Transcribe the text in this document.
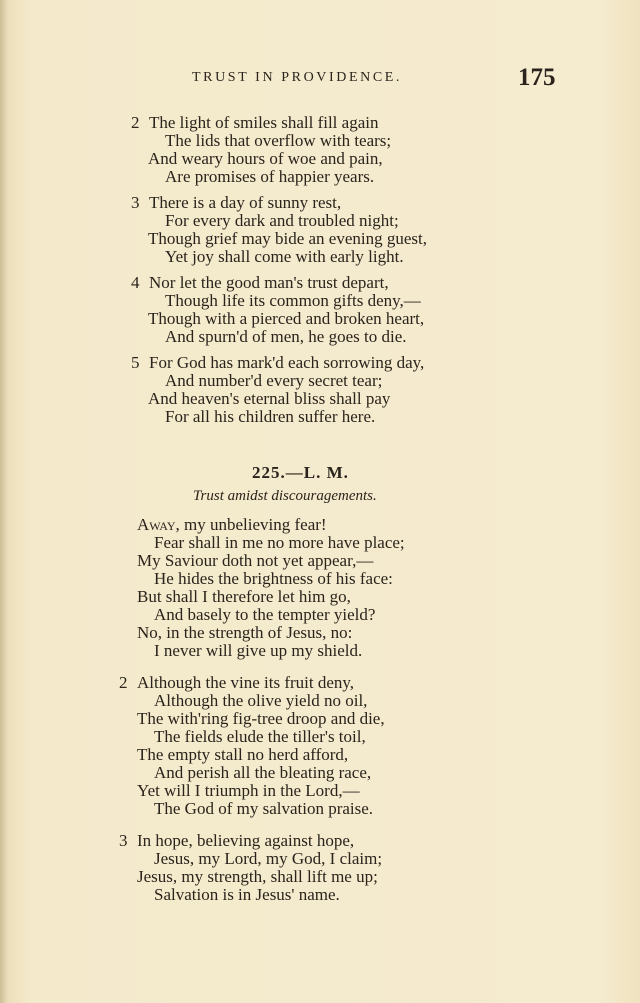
TRUST IN PROVIDENCE.	175
2 The light of smiles shall fill again
The lids that overflow with tears;
And weary hours of woe and pain,
Are promises of happier years.
3 There is a day of sunny rest,
For every dark and troubled night;
Though grief may bide an evening guest,
Yet joy shall come with early light.
4 Nor let the good man's trust depart,
Though life its common gifts deny,—
Though with a pierced and broken heart,
And spurn'd of men, he goes to die.
5 For God has mark'd each sorrowing day,
And number'd every secret tear;
And heaven's eternal bliss shall pay
For all his children suffer here.
225.—L. M.
Trust amidst discouragements.
Away, my unbelieving fear!
Fear shall in me no more have place;
My Saviour doth not yet appear,—
He hides the brightness of his face:
But shall I therefore let him go,
And basely to the tempter yield?
No, in the strength of Jesus, no:
I never will give up my shield.
2 Although the vine its fruit deny,
Although the olive yield no oil,
The with'ring fig-tree droop and die,
The fields elude the tiller's toil,
The empty stall no herd afford,
And perish all the bleating race,
Yet will I triumph in the Lord,—
The God of my salvation praise.
3 In hope, believing against hope,
Jesus, my Lord, my God, I claim;
Jesus, my strength, shall lift me up;
Salvation is in Jesus' name.
